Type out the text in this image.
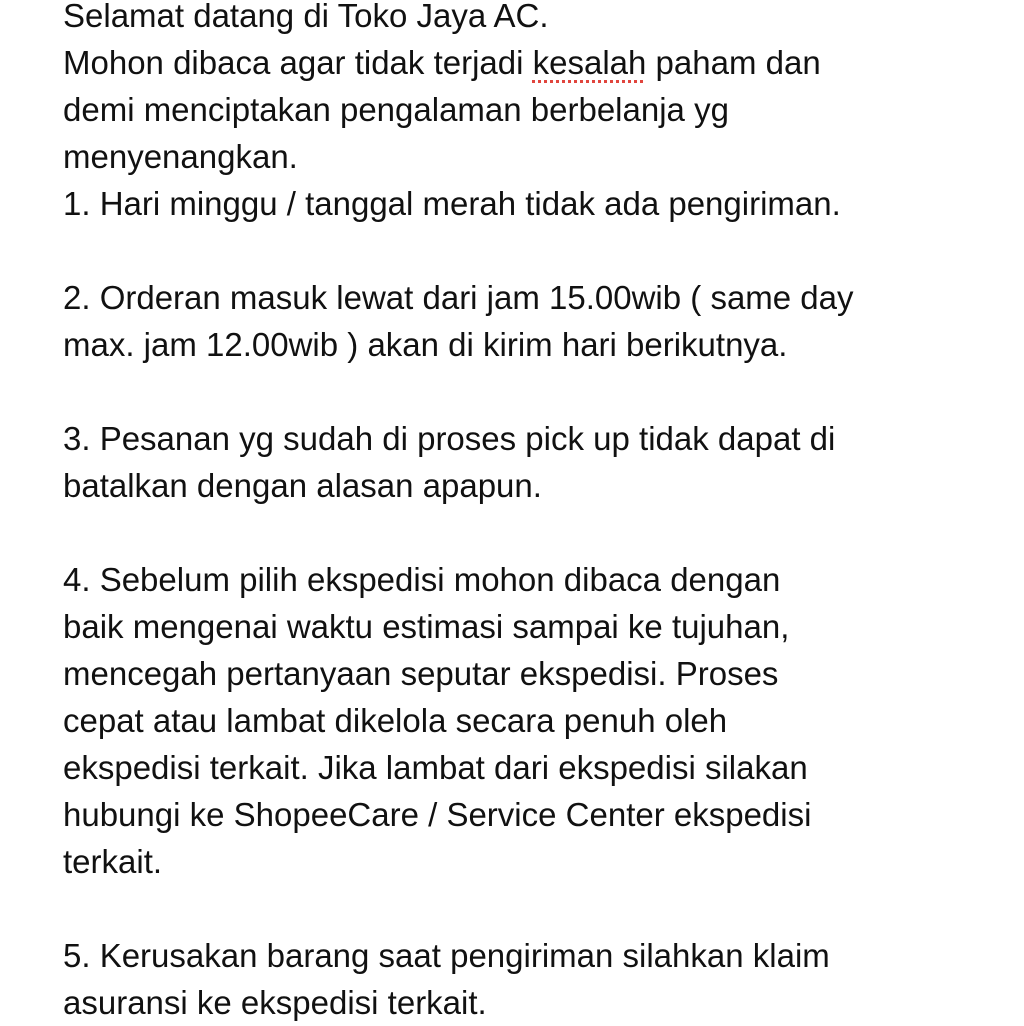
Selamat datang di Toko Jaya AC.
Mohon dibaca agar tidak terjadi kesalah paham dan
demi menciptakan pengalaman berbelanja yg
menyenangkan.
1. Hari minggu / tanggal merah tidak ada pengiriman.
2. Orderan masuk lewat dari jam 15.00wib ( same day
max. jam 12.00wib ) akan di kirim hari berikutnya.
3. Pesanan yg sudah di proses pick up tidak dapat di
batalkan dengan alasan apapun.
4. Sebelum pilih ekspedisi mohon dibaca dengan
baik mengenai waktu estimasi sampai ke tujuhan,
mencegah pertanyaan seputar ekspedisi. Proses
cepat atau lambat dikelola secara penuh oleh
ekspedisi terkait. Jika lambat dari ekspedisi silakan
hubungi ke ShopeeCare / Service Center ekspedisi
terkait.
5. Kerusakan barang saat pengiriman silahkan klaim
asuransi ke ekspedisi terkait.
